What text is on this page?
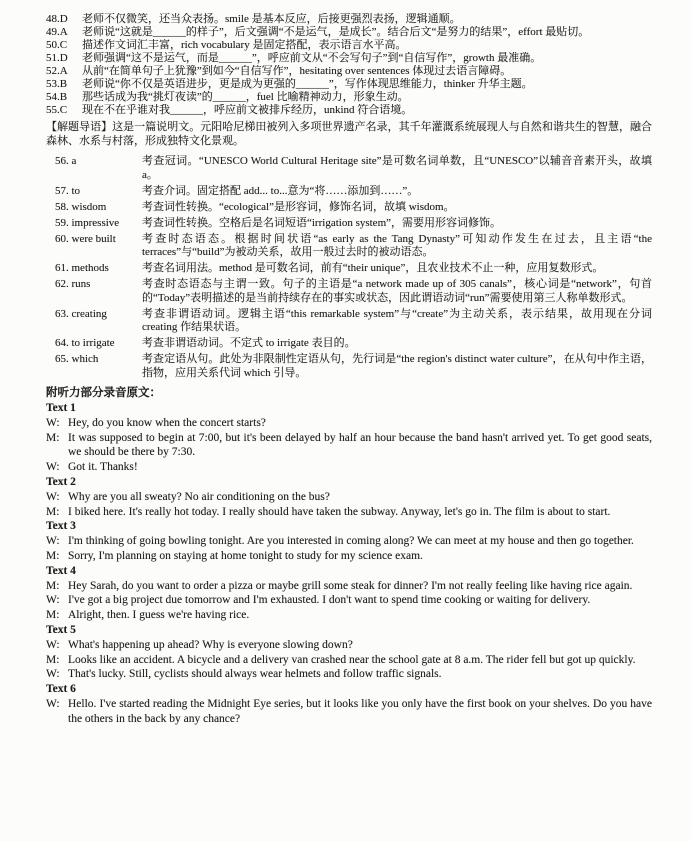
48.D	老师不仅微笑，还当众表扬。smile 是基本反应，后接更强烈表扬，逻辑通顺。
49.A	老师说“这就是______的样子”，后文强调“不是运气，是成长”。结合后文“是努力的结果”，effort 最贴切。
50.C	描述作文词汇丰富，rich vocabulary 是固定搭配，表示语言水平高。
51.D	老师强调“这不是运气，而是______”，呼应前文从“不会写句子”到“自信写作”，growth 最准确。
52.A	从前“在简单句子上犹豫”到如今“自信写作”，hesitating over sentences 体现过去语言障碍。
53.B	老师说“你不仅是英语进步，更是成为更强的______”，写作体现思维能力，thinker 升华主题。
54.B	那些话成为我“挑灯夜读”的______，fuel 比喻精神动力，形象生动。
55.C	现在不在乎谁对我______，呼应前文被排斥经历，unkind 符合语境。

【解题导语】这是一篇说明文。元阳哈尼梯田被列入多项世界遗产名录，其千年灌溉系统展现人与自然和谐共生的智慧，融合森林、水系与村落，形成独特文化景观。

56. a	考查冠词。“UNESCO World Cultural Heritage site”是可数名词单数，且“UNESCO”以辅音音素开头，故填 a。
57. to	考查介词。固定搭配 add... to...意为“将……添加到……”。
58. wisdom	考查词性转换。“ecological”是形容词，修饰名词，故填 wisdom。
59. impressive	考查词性转换。空格后是名词短语“irrigation system”，需要用形容词修饰。
60. were built	考查时态语态。根据时间状语“as early as the Tang Dynasty”可知动作发生在过去，且主语“the terraces”与“build”为被动关系，故用一般过去时的被动语态。
61. methods	考查名词用法。method 是可数名词，前有“their unique”，且农业技术不止一种，应用复数形式。
62. runs	考查时态语态与主谓一致。句子的主语是“a network made up of 305 canals”，核心词是“network”，句首的“Today”表明描述的是当前持续存在的事实或状态，因此谓语动词“run”需要使用第三人称单数形式。
63. creating	考查非谓语动词。逻辑主语“this remarkable system”与“create”为主动关系，表示结果，故用现在分词 creating 作结果状语。
64. to irrigate	考查非谓语动词。不定式 to irrigate 表目的。
65. which	考查定语从句。此处为非限制性定语从句，先行词是“the region's distinct water culture”，在从句中作主语，指物，应用关系代词 which 引导。
附听力部分录音原文：
Text 1
W: Hey, do you know when the concert starts?
M: It was supposed to begin at 7:00, but it's been delayed by half an hour because the band hasn't arrived yet. To get good seats, we should be there by 7:30.
W: Got it. Thanks!
Text 2
W: Why are you all sweaty? No air conditioning on the bus?
M: I biked here. It's really hot today. I really should have taken the subway. Anyway, let's go in. The film is about to start.
Text 3
W: I'm thinking of going bowling tonight. Are you interested in coming along? We can meet at my house and then go together.
M: Sorry, I'm planning on staying at home tonight to study for my science exam.
Text 4
M: Hey Sarah, do you want to order a pizza or maybe grill some steak for dinner? I'm not really feeling like having rice again.
W: I've got a big project due tomorrow and I'm exhausted. I don't want to spend time cooking or waiting for delivery.
M: Alright, then. I guess we're having rice.
Text 5
W: What's happening up ahead? Why is everyone slowing down?
M: Looks like an accident. A bicycle and a delivery van crashed near the school gate at 8 a.m. The rider fell but got up quickly.
W: That's lucky. Still, cyclists should always wear helmets and follow traffic signals.
Text 6
W: Hello. I've started reading the Midnight Eye series, but it looks like you only have the first book on your shelves. Do you have the others in the back by any chance?
